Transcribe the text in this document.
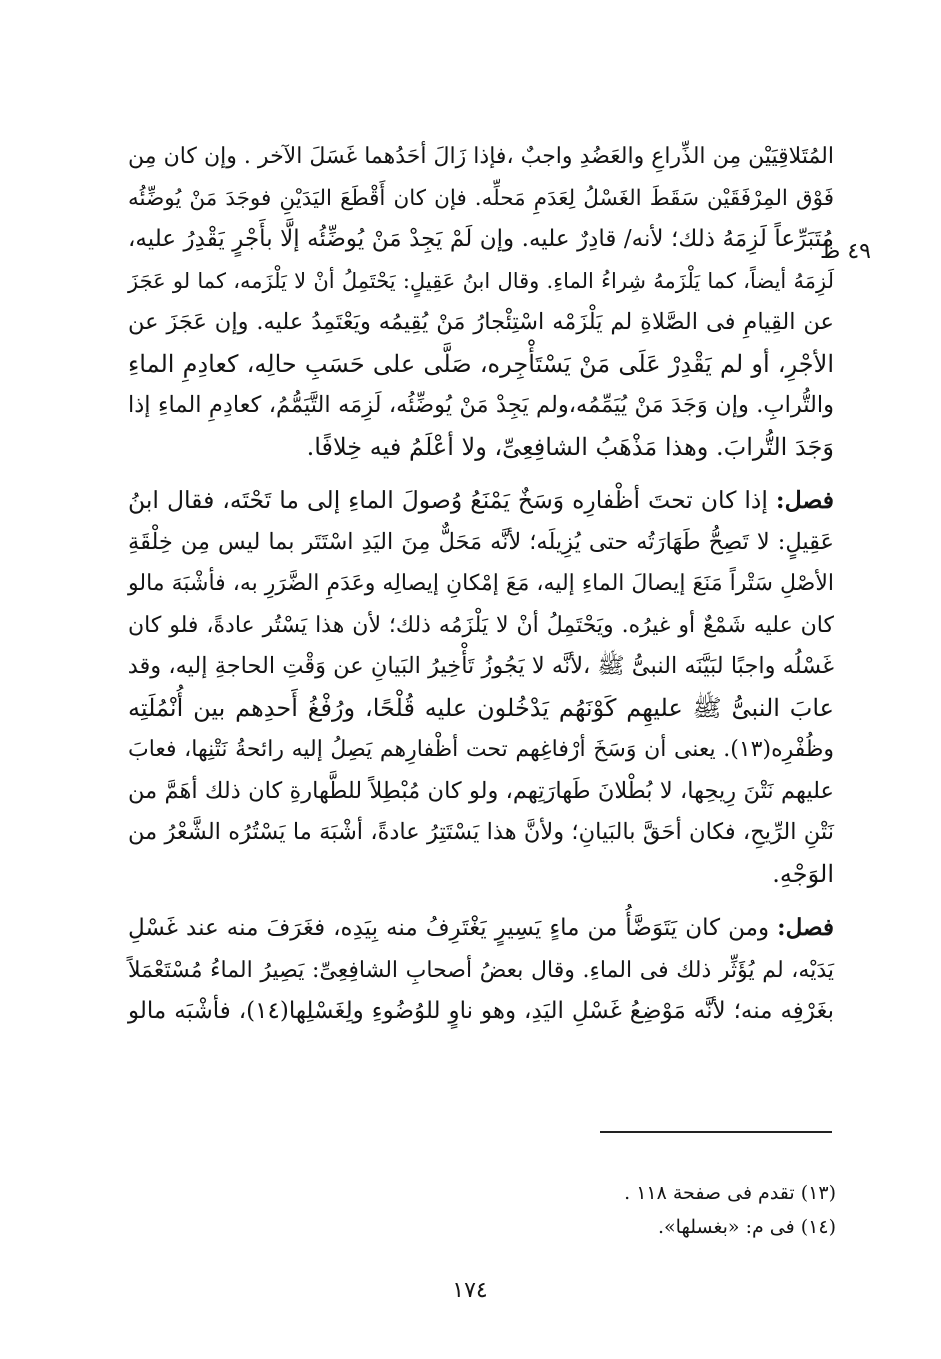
٤٩ ظ

المُتَلاقِيَيْن مِن الذِّراعِ والعَضُدِ واجبٌ ،فإذا زَالَ أحَدُهما غَسَلَ الآخر . وإن كان مِن
فَوْق المِرْفَقَيْن سَقَطَ الغَسْلُ لِعَدَمِ مَحلِّه. فإن كان أَقْطَعَ اليَدَيْنِ فوجَدَ مَنْ يُوضِّئُه
مُتَبَرِّعاً لَزِمَهُ ذلك؛ لأنه/ قادِرٌ عليه. وإن لَمْ يَجِدْ مَنْ يُوضِّئُه إلَّا بأَجْرٍ يَقْدِرُ عليه،
لَزِمَهُ أيضاً، كما يَلْزَمهُ شِراءُ الماءِ. وقال ابنُ عَقِيلٍ: يَحْتَمِلُ أنْ لا يَلْزَمه، كما لو عَجَزَ
عن القِيامِ فى الصَّلاةِ لم يَلْزَمْه اسْتِئْجارُ مَنْ يُقِيمُه ويَعْتَمِدُ عليه. وإن عَجَزَ عن
الأجْرِ، أو لم يَقْدِرْ عَلَى مَنْ يَسْتَأْجِره، صَلَّى على حَسَبِ حالِه، كعادِمِ الماءِ
والتُّرابِ. وإن وَجَدَ مَنْ يُيَمِّمُه،ولم يَجِدْ مَنْ يُوضِّئُه، لَزِمَه التَّيَمُّمُ، كعادِمِ الماءِ إذا
وَجَدَ التُّرابَ. وهذا مَذْهَبُ الشافِعِىِّ، ولا أعْلَمُ فيه خِلافًا.

فصل: إذا كان تحتَ أظْفارِه وَسَخٌ يَمْنَعُ وُصولَ الماءِ إلى ما تَحْتَه، فقال ابنُ
عَقِيلٍ: لا تَصِحُّ طَهَارَتُه حتى يُزِيلَه؛ لأنَّه مَحَلٌّ مِنَ اليَدِ اسْتَتَر بما ليس مِن خِلْقَةِ
الأصْلِ سَتْراً مَنَعَ إيصالَ الماءِ إليه، مَعَ إمْكانِ إيصالِه وعَدَمِ الضَّرَرِ به، فأشْبَهَ مالو
كان عليه شَمْعٌ أو غيرُه. ويَحْتَمِلُ أنْ لا يَلْزَمُه ذلك؛ لأن هذا يَسْتُر عادةً، فلو كان
غَسْلُه واجبًا لبَيَّنَه النبىُّ ﷺ ،لأنَّه لا يَجُوزُ تَأْخِيرُ البَيانِ عن وَقْتِ الحاجةِ إليه، وقد
عابَ النبىُّ ﷺ عليهِم كَوْنَهُم يَدْخُلون عليه قُلْحًا، ورُفْغُ أَحدِهم بين أُنْمُلَتِه
وظُفْرِه(١٣). يعنى أن وَسَخَ أرْفاغِهم تحت أظْفارِهم يَصِلُ إليه رائحةُ نَتْنِها، فعابَ
عليهم نَتْنَ رِيحِها، لا بُطْلانَ طَهارَتِهم، ولو كان مُبْطِلاً للطَّهارةِ كان ذلك أهَمَّ من
نَتْنِ الرِّيحِ، فكان أحَقَّ بالبَيانِ؛ ولأنَّ هذا يَسْتَتِرُ عادةً، أشْبَهَ ما يَسْتُرُه الشَّعْرُ من
الوَجْهِ.

فصل: ومن كان يَتَوَضَّأُ من ماءٍ يَسِيرٍ يَغْتَرِفُ منه بِيَدِه، فغَرَفَ منه عند غَسْلِ
يَدَيْه، لم يُؤَثِّر ذلك فى الماءِ. وقال بعضُ أصحابِ الشافِعِىِّ: يَصِيرُ الماءُ مُسْتَعْمَلاً
بغَرْفِه منه؛ لأنَّه مَوْضِعُ غَسْلِ اليَدِ، وهو ناوٍ للوُضُوءِ ولِغَسْلِها(١٤)، فأشْبَه مالو

(١٣) تقدم فى صفحة ١١٨ .
(١٤) فى م: «بغسلها».
١٧٤
